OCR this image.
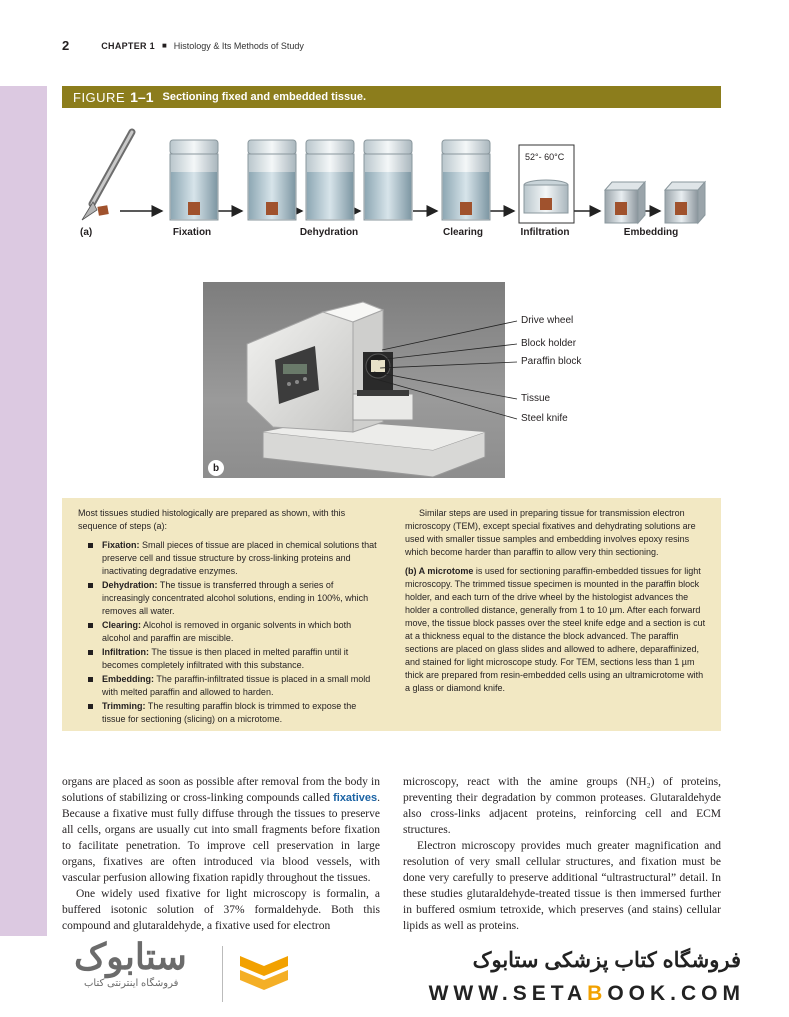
2	CHAPTER 1 ■ Histology & Its Methods of Study
FIGURE 1–1 Sectioning fixed and embedded tissue.
52°- 60°C
(a)	Fixation	Dehydration	Clearing	Infiltration	Embedding
b
Drive wheel
Block holder
Paraffin block
Tissue
Steel knife

Most tissues studied histologically are prepared as shown, with this sequence of steps (a):

Fixation: Small pieces of tissue are placed in chemical solutions that preserve cell and tissue structure by cross-linking proteins and inactivating degradative enzymes.
Dehydration: The tissue is transferred through a series of increasingly concentrated alcohol solutions, ending in 100%, which removes all water.
Clearing: Alcohol is removed in organic solvents in which both alcohol and paraffin are miscible.
Infiltration: The tissue is then placed in melted paraffin until it becomes completely infiltrated with this substance.
Embedding: The paraffin-infiltrated tissue is placed in a small mold with melted paraffin and allowed to harden.
Trimming: The resulting paraffin block is trimmed to expose the tissue for sectioning (slicing) on a microtome.

Similar steps are used in preparing tissue for transmission electron microscopy (TEM), except special fixatives and dehydrating solutions are used with smaller tissue samples and embedding involves epoxy resins which become harder than paraffin to allow very thin sectioning.

(b) A microtome is used for sectioning paraffin-embedded tissues for light microscopy. The trimmed tissue specimen is mounted in the paraffin block holder, and each turn of the drive wheel by the histologist advances the holder a controlled distance, generally from 1 to 10 µm. After each forward move, the tissue block passes over the steel knife edge and a section is cut at a thickness equal to the distance the block advanced. The paraffin sections are placed on glass slides and allowed to adhere, deparaffinized, and stained for light microscope study. For TEM, sections less than 1 µm thick are prepared from resin-embedded cells using an ultramicrotome with a glass or diamond knife.

organs are placed as soon as possible after removal from the body in solutions of stabilizing or cross-linking compounds called fixatives. Because a fixative must fully diffuse through the tissues to preserve all cells, organs are usually cut into small fragments before fixation to facilitate penetration. To improve cell preservation in large organs, fixatives are often introduced via blood vessels, with vascular perfusion allowing fixation rapidly throughout the tissues.

One widely used fixative for light microscopy is formalin, a buffered isotonic solution of 37% formaldehyde. Both this compound and glutaraldehyde, a fixative used for electron

microscopy, react with the amine groups (NH₂) of proteins, preventing their degradation by common proteases. Glutaraldehyde also cross-links adjacent proteins, reinforcing cell and ECM structures.

Electron microscopy provides much greater magnification and resolution of very small cellular structures, and fixation must be done very carefully to preserve additional “ultrastructural” detail. In these studies glutaraldehyde-treated tissue is then immersed further in buffered osmium tetroxide, which preserves (and stains) cellular lipids as well as proteins.

ستابوک
فروشگاه اینترنتی کتاب
فروشگاه کتاب پزشکی ستابوک
WWW.SETABOOK.COM
